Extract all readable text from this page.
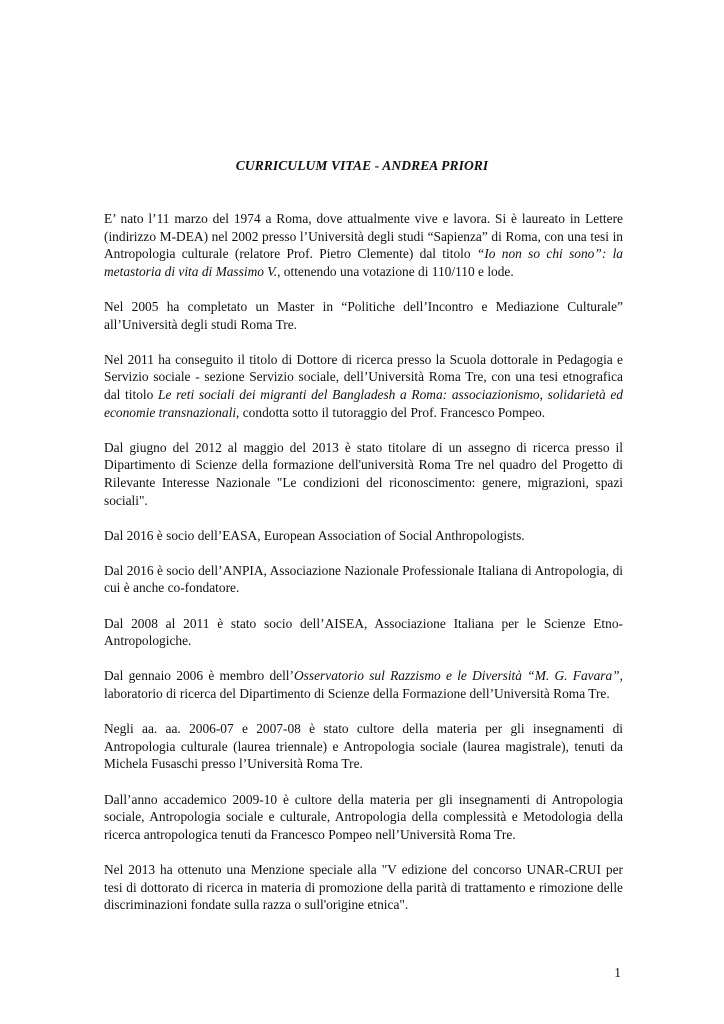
CURRICULUM VITAE - ANDREA PRIORI

E’ nato l’11 marzo del 1974 a Roma, dove attualmente vive e lavora. Si è laureato in Lettere (indirizzo M-DEA) nel 2002 presso l’Università degli studi “Sapienza” di Roma, con una tesi in Antropologia culturale (relatore Prof. Pietro Clemente) dal titolo “Io non so chi sono”: la metastoria di vita di Massimo V., ottenendo una votazione di 110/110 e lode.

Nel 2005 ha completato un Master in “Politiche dell’Incontro e Mediazione Culturale” all’Università degli studi Roma Tre.

Nel 2011 ha conseguito il titolo di Dottore di ricerca presso la Scuola dottorale in Pedagogia e Servizio sociale - sezione Servizio sociale, dell’Università Roma Tre, con una tesi etnografica dal titolo Le reti sociali dei migranti del Bangladesh a Roma: associazionismo, solidarietà ed economie transnazionali, condotta sotto il tutoraggio del Prof. Francesco Pompeo.

Dal giugno del 2012 al maggio del 2013 è stato titolare di un assegno di ricerca presso il Dipartimento di Scienze della formazione dell'università Roma Tre nel quadro del Progetto di Rilevante Interesse Nazionale "Le condizioni del riconoscimento: genere, migrazioni, spazi sociali".

Dal 2016 è socio dell’EASA, European Association of Social Anthropologists.

Dal 2016 è socio dell’ANPIA, Associazione Nazionale Professionale Italiana di Antropologia, di cui è anche co-fondatore.

Dal 2008 al 2011 è stato socio dell’AISEA, Associazione Italiana per le Scienze Etno-Antropologiche.

Dal gennaio 2006 è membro dell’Osservatorio sul Razzismo e le Diversità “M. G. Favara”, laboratorio di ricerca del Dipartimento di Scienze della Formazione dell’Università Roma Tre.

Negli aa. aa. 2006-07 e 2007-08 è stato cultore della materia per gli insegnamenti di Antropologia culturale (laurea triennale) e Antropologia sociale (laurea magistrale), tenuti da Michela Fusaschi presso l’Università Roma Tre.

Dall’anno accademico 2009-10 è cultore della materia per gli insegnamenti di Antropologia sociale, Antropologia sociale e culturale, Antropologia della complessità e Metodologia della ricerca antropologica tenuti da Francesco Pompeo nell’Università Roma Tre.

Nel 2013 ha ottenuto una Menzione speciale alla "V edizione del concorso UNAR-CRUI per tesi di dottorato di ricerca in materia di promozione della parità di trattamento e rimozione delle discriminazioni fondate sulla razza o sull'origine etnica".

1
